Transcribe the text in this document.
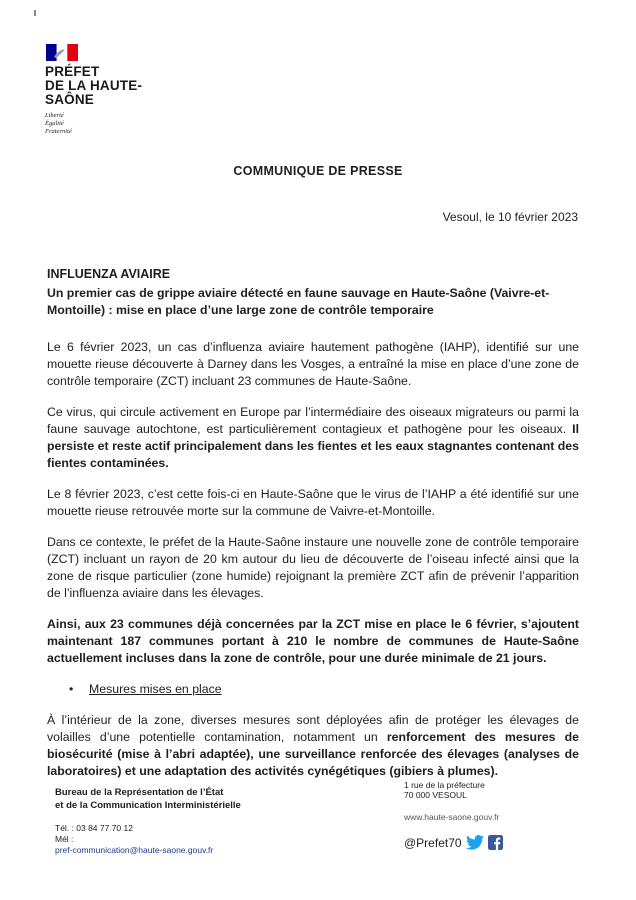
PRÉFET
DE LA HAUTE-
SAÔNE
Liberté
Égalité
Fraternité
COMMUNIQUE DE PRESSE
Vesoul, le 10 février 2023
INFLUENZA AVIAIRE

Un premier cas de grippe aviaire détecté en faune sauvage en Haute-Saône (Vaivre-et-Montoille) : mise en place d’une large zone de contrôle temporaire

Le 6 février 2023, un cas d’influenza aviaire hautement pathogène (IAHP), identifié sur une mouette rieuse découverte à Darney dans les Vosges, a entraîné la mise en place d’une zone de contrôle temporaire (ZCT) incluant 23 communes de Haute-Saône.

Ce virus, qui circule activement en Europe par l’intermédiaire des oiseaux migrateurs ou parmi la faune sauvage autochtone, est particulièrement contagieux et pathogène pour les oiseaux. Il persiste et reste actif principalement dans les fientes et les eaux stagnantes contenant des fientes contaminées.

Le 8 février 2023, c’est cette fois-ci en Haute-Saône que le virus de l’IAHP a été identifié sur une mouette rieuse retrouvée morte sur la commune de Vaivre-et-Montoille.

Dans ce contexte, le préfet de la Haute-Saône instaure une nouvelle zone de contrôle temporaire (ZCT) incluant un rayon de 20 km autour du lieu de découverte de l’oiseau infecté ainsi que la zone de risque particulier (zone humide) rejoignant la première ZCT afin de prévenir l’apparition de l’influenza aviaire dans les élevages.

Ainsi, aux 23 communes déjà concernées par la ZCT mise en place le 6 février, s’ajoutent maintenant 187 communes portant à 210 le nombre de communes de Haute-Saône actuellement incluses dans la zone de contrôle, pour une durée minimale de 21 jours.

• Mesures mises en place

À l’intérieur de la zone, diverses mesures sont déployées afin de protéger les élevages de volailles d’une potentielle contamination, notamment un renforcement des mesures de biosécurité (mise à l’abri adaptée), une surveillance renforcée des élevages (analyses de laboratoires) et une adaptation des activités cynégétiques (gibiers à plumes).

Bureau de la Représentation de l’État
et de la Communication Interministérielle
Tél. : 03 84 77 70 12
Mél :
pref-communication@haute-saone.gouv.fr
1 rue de la préfecture
70 000 VESOUL
www.haute-saone.gouv.fr
@Prefet70
